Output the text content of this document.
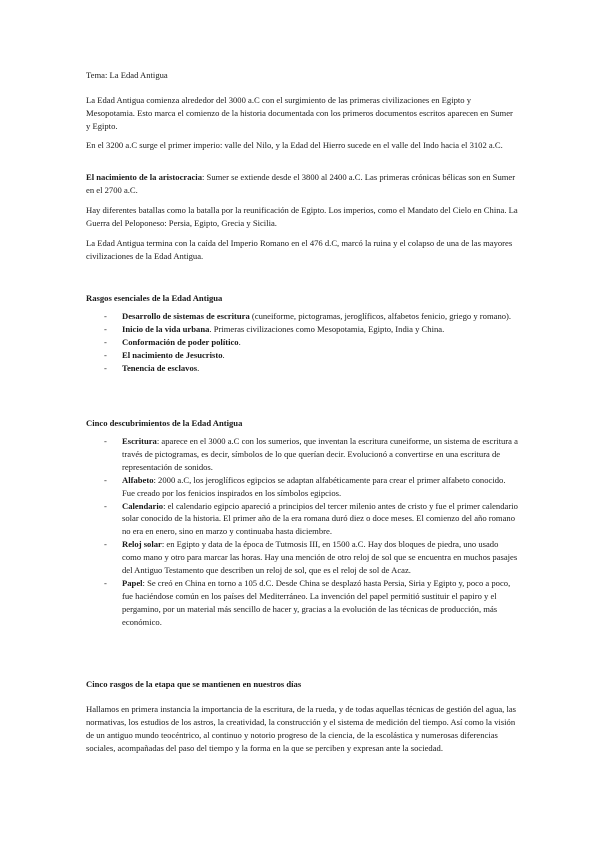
Tema: La Edad Antigua

La Edad Antigua comienza alrededor del 3000 a.C con el surgimiento de las primeras civilizaciones en Egipto y Mesopotamia. Esto marca el comienzo de la historia documentada con los primeros documentos escritos aparecen en Sumer y Egipto.

En el 3200 a.C surge el primer imperio: valle del Nilo, y la Edad del Hierro sucede en el valle del Indo hacia el 3102 a.C.

El nacimiento de la aristocracia: Sumer se extiende desde el 3800 al 2400 a.C. Las primeras crónicas bélicas son en Sumer en el 2700 a.C.

Hay diferentes batallas como la batalla por la reunificación de Egipto. Los imperios, como el Mandato del Cielo en China. La Guerra del Peloponeso: Persia, Egipto, Grecia y Sicilia.

La Edad Antigua termina con la caída del Imperio Romano en el 476 d.C, marcó la ruina y el colapso de una de las mayores civilizaciones de la Edad Antigua.

Rasgos esenciales de la Edad Antigua
- Desarrollo de sistemas de escritura (cuneiforme, pictogramas, jeroglíficos, alfabetos fenicio, griego y romano).
- Inicio de la vida urbana. Primeras civilizaciones como Mesopotamia, Egipto, India y China.
- Conformación de poder político.
- El nacimiento de Jesucristo.
- Tenencia de esclavos.
Cinco descubrimientos de la Edad Antigua
- Escritura: aparece en el 3000 a.C con los sumerios, que inventan la escritura cuneiforme, un sistema de escritura a través de pictogramas, es decir, símbolos de lo que querían decir. Evolucionó a convertirse en una escritura de representación de sonidos.
- Alfabeto: 2000 a.C, los jeroglíficos egipcios se adaptan alfabéticamente para crear el primer alfabeto conocido. Fue creado por los fenicios inspirados en los símbolos egipcios.
- Calendario: el calendario egipcio apareció a principios del tercer milenio antes de cristo y fue el primer calendario solar conocido de la historia. El primer año de la era romana duró diez o doce meses. El comienzo del año romano no era en enero, sino en marzo y continuaba hasta diciembre.
- Reloj solar: en Egipto y data de la época de Tutmosis III, en 1500 a.C. Hay dos bloques de piedra, uno usado como mano y otro para marcar las horas. Hay una mención de otro reloj de sol que se encuentra en muchos pasajes del Antiguo Testamento que describen un reloj de sol, que es el reloj de sol de Acaz.
- Papel: Se creó en China en torno a 105 d.C. Desde China se desplazó hasta Persia, Siria y Egipto y, poco a poco, fue haciéndose común en los países del Mediterráneo. La invención del papel permitió sustituir el papiro y el pergamino, por un material más sencillo de hacer y, gracias a la evolución de las técnicas de producción, más económico.
Cinco rasgos de la etapa que se mantienen en nuestros días

Hallamos en primera instancia la importancia de la escritura, de la rueda, y de todas aquellas técnicas de gestión del agua, las normativas, los estudios de los astros, la creatividad, la construcción y el sistema de medición del tiempo. Así como la visión de un antiguo mundo teocéntrico, al continuo y notorio progreso de la ciencia, de la escolástica y numerosas diferencias sociales, acompañadas del paso del tiempo y la forma en la que se perciben y expresan ante la sociedad.
